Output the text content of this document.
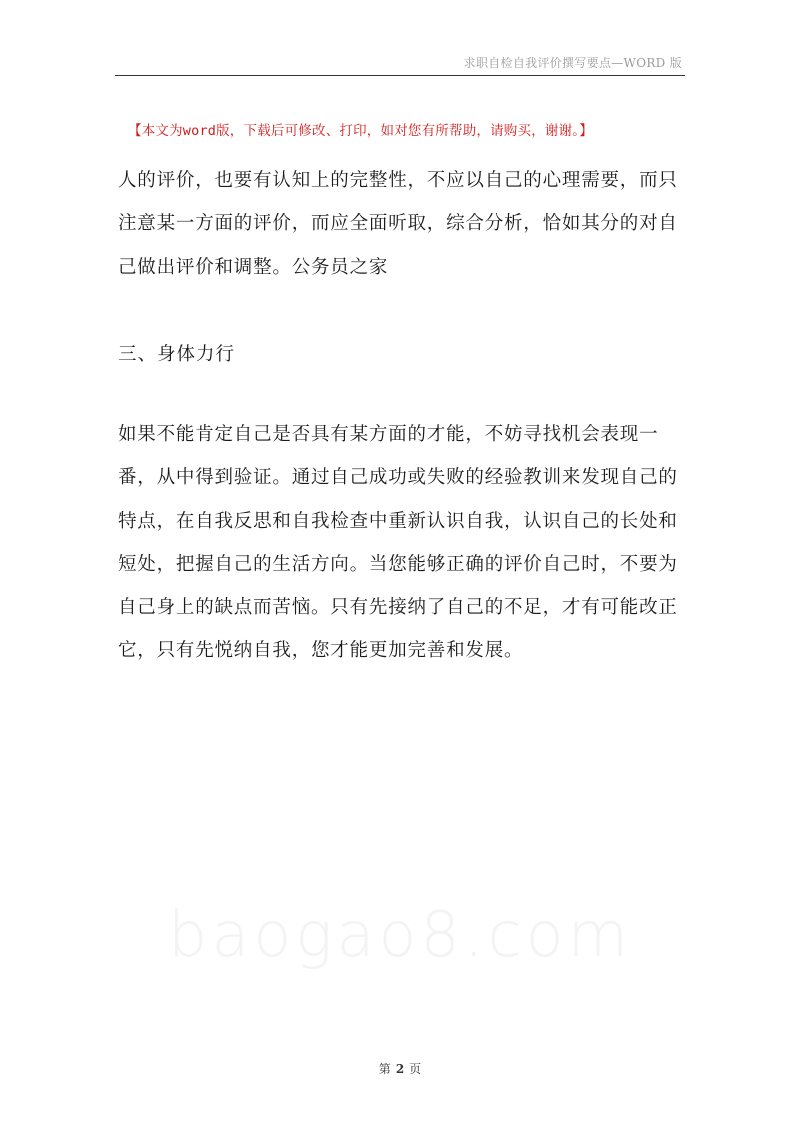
求职自检自我评价撰写要点—WORD 版
【本文为word版，下载后可修改、打印，如对您有所帮助，请购买，谢谢。】

人的评价，也要有认知上的完整性，不应以自己的心理需要，而只注意某一方面的评价，而应全面听取，综合分析，恰如其分的对自己做出评价和调整。公务员之家

三、身体力行

如果不能肯定自己是否具有某方面的才能，不妨寻找机会表现一番，从中得到验证。通过自己成功或失败的经验教训来发现自己的特点，在自我反思和自我检查中重新认识自我，认识自己的长处和短处，把握自己的生活方向。当您能够正确的评价自己时，不要为自己身上的缺点而苦恼。只有先接纳了自己的不足，才有可能改正它，只有先悦纳自我，您才能更加完善和发展。

baogao8.com
第 2 页
